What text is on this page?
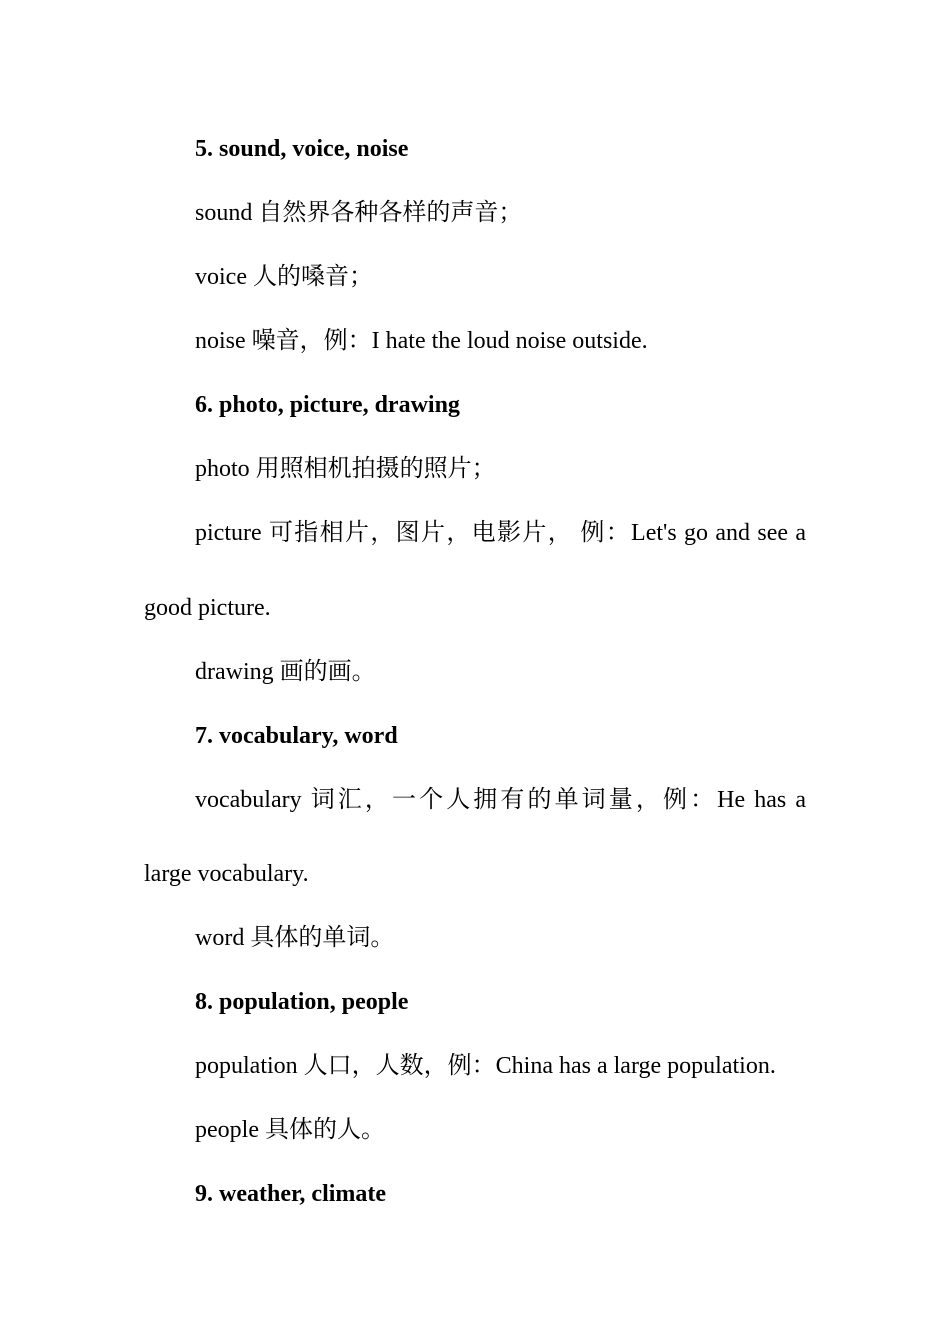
5. sound, voice, noise
sound 自然界各种各样的声音；
voice 人的嗓音；
noise 噪音，例：I hate the loud noise outside.
6. photo, picture, drawing
photo 用照相机拍摄的照片；
picture 可指相片，图片，电影片， 例：Let's go and see a
good picture.
drawing 画的画。
7. vocabulary, word
vocabulary 词汇，一个人拥有的单词量，例：He has a
large vocabulary.
word 具体的单词。
8. population, people
population 人口，人数，例：China has a large population.
people 具体的人。
9. weather, climate
